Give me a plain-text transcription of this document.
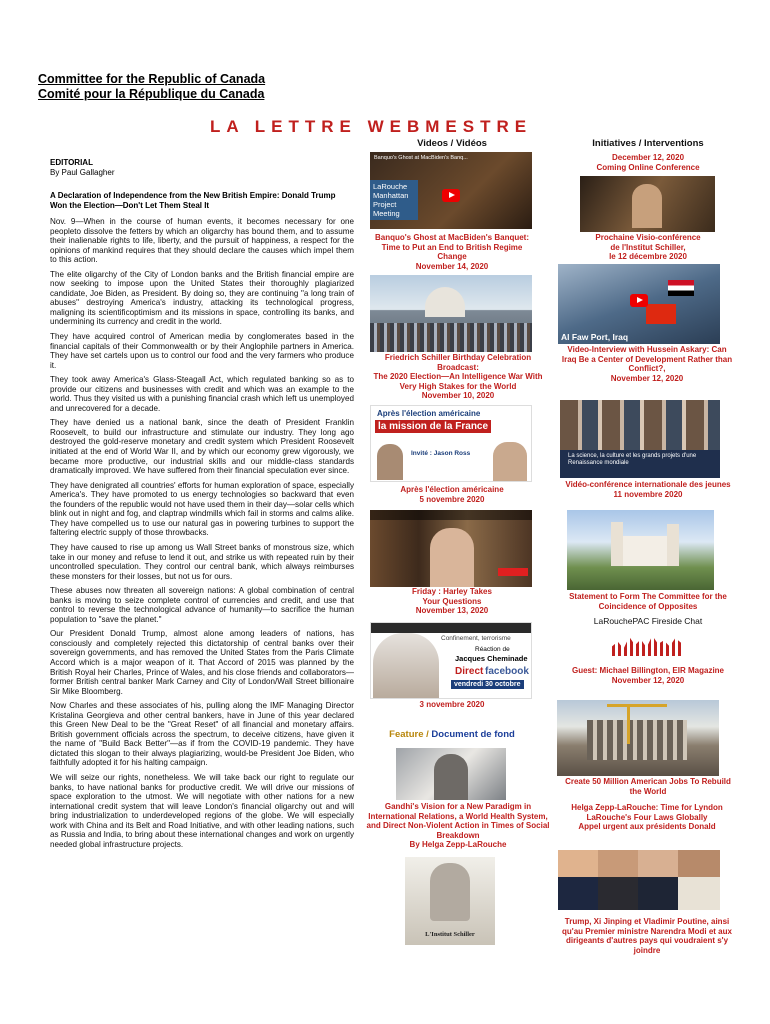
Committee for the Republic of Canada
Comité pour la République du Canada
LA LETTRE WEBMESTRE
Videos / Vidéos	Initiatives / Interventions
EDITORIAL
By Paul Gallagher
A Declaration of Independence from the New British Empire: Donald Trump Won the Election—Don't Let Them Steal It

Nov. 9—When in the course of human events, it becomes necessary for one peopleto dissolve the fetters by which an oligarchy has bound them, and to assume their inalienable rights to life, liberty, and the pursuit of happiness, a respect for the opinions of mankind requires that they should declare the causes which impel them to this action.

The elite oligarchy of the City of London banks and the British financial empire are now seeking to impose upon the United States their thoroughly plagiarized candidate, Joe Biden, as President. By doing so, they are continuing "a long train of abuses" destroying America's industry, attacking its technological progress, maligning its scientificoptimism and its missions in space, controlling its banks, and undermining its currency and credit in the world.

They have acquired control of American media by conglomerates based in the financial capitals of their Commonwealth or by their Anglophile partners in America. They have set cartels upon us to control our food and the very farmers who produce it.

They took away America's Glass-Steagall Act, which regulated banking so as to provide our citizens and businesses with credit and which was an example to the world. Thus they visited us with a punishing financial crash which left us unemployed and unrecovered for a decade.

They have denied us a national bank, since the death of President Franklin Roosevelt, to build our infrastructure and stimulate our industry. They long ago destroyed the gold-reserve monetary and credit system which President Roosevelt initiated at the end of World War II, and by which our economy grew vigorously, we became more productive, our industrial skills and our middle-class standards dramatically improved. We have suffered from their financial speculation ever since.

They have denigrated all countries' efforts for human exploration of space, especially America's. They have promoted to us energy technologies so backward that even the founders of the republic would not have used them in their day—solar cells which blink out in night and fog, and claptrap windmills which fail in storms and calms alike. They have compelled us to use our natural gas in powering turbines to support the faltering electric supply of those throwbacks.

They have caused to rise up among us Wall Street banks of monstrous size, which take in our money and refuse to lend it out, and strike us with repeated ruin by their uncontrolled speculation. They control our central bank, which always reimburses these monsters for their losses, but not us for ours.

These abuses now threaten all sovereign nations: A global combination of central banks is moving to seize complete control of currencies and credit, and use that control to reverse the technological advance of humanity—to sacrifice the human population to "save the planet."

Our President Donald Trump, almost alone among leaders of nations, has consciously and completely rejected this dictatorship of central banks over their sovereign governments, and has removed the United States from the Paris Climate Accord which is a major weapon of it. That Accord of 2015 was planned by the British Royal heir Charles, Prince of Wales, and his close friends and collaborators—former British central banker Mark Carney and City of London/Wall Street billionaire Sir Mike Bloomberg.

Now Charles and these associates of his, pulling along the IMF Managing Director Kristalina Georgieva and other central bankers, have in June of this year declared this Green New Deal to be the "Great Reset" of all financial and monetary affairs. British government officials across the spectrum, to deceive citizens, have given it the name of "Build Back Better"—as if from the COVID-19 pandemic. They have dictated this slogan to their always plagiarizing, would-be President Joe Biden, who faithfully adopted it for his halting campaign.

We will seize our rights, nonetheless. We will take back our right to regulate our banks, to have national banks for productive credit. We will drive our missions of space exploration to the utmost. We will negotiate with other nations for a new international credit system that will leave London's financial oligarchy out and will bring industrialization to underdeveloped regions of the globe. We will especially work with China and its Belt and Road Initiative, and with other leading nations, such as Russia and India, to bring about these international changes and work on urgently needed global infrastructure projects.

Banquo's Ghost at MacBiden's Banq...
LaRouche Manhattan Project Meeting
Banquo's Ghost at MacBiden's Banquet: Time to Put an End to British Regime Change
November 14, 2020
Friedrich Schiller Birthday Celebration Broadcast:
The 2020 Election—An Intelligence War With Very High Stakes for the World
November 10, 2020
Après l'élection américaine
la mission de la France
Invité : Jason Ross
Après l'élection américaine
5 novembre 2020
Friday : Harley Takes
Your Questions
November 13, 2020
Confinement, terrorisme
Réaction de
Jacques Cheminade
Direct facebook
vendredi 30 octobre
3 novembre 2020
Feature / Document de fond
Gandhi's Vision for a New Paradigm in International Relations, a World Health System, and Direct Non-Violent Action in Times of Social Breakdown
By Helga Zepp-LaRouche
L'Institut Schiller
December 12, 2020
Coming Online Conference
Prochaine Visio-conférence
de l'Institut Schiller,
le 12 décembre 2020
Al Faw Port, Iraq
Video-Interview with Hussein Askary: Can Iraq Be a Center of Development Rather than Conflict?,
November 12, 2020
La science, la culture et les grands projets d'une Renaissance mondiale
Vidéo-conférence internationale des jeunes
11 novembre 2020
Statement to Form The Committee for the Coincidence of Opposites
LaRouchePAC Fireside Chat
Guest: Michael Billington, EIR Magazine
November 12, 2020
Create 50 Million American Jobs To Rebuild the World
Helga Zepp-LaRouche: Time for Lyndon LaRouche's Four Laws Globally
Appel urgent aux présidents Donald
Trump, Xi Jinping et Vladimir Poutine, ainsi qu'au Premier ministre Narendra Modi et aux dirigeants d'autres pays qui voudraient s'y joindre
